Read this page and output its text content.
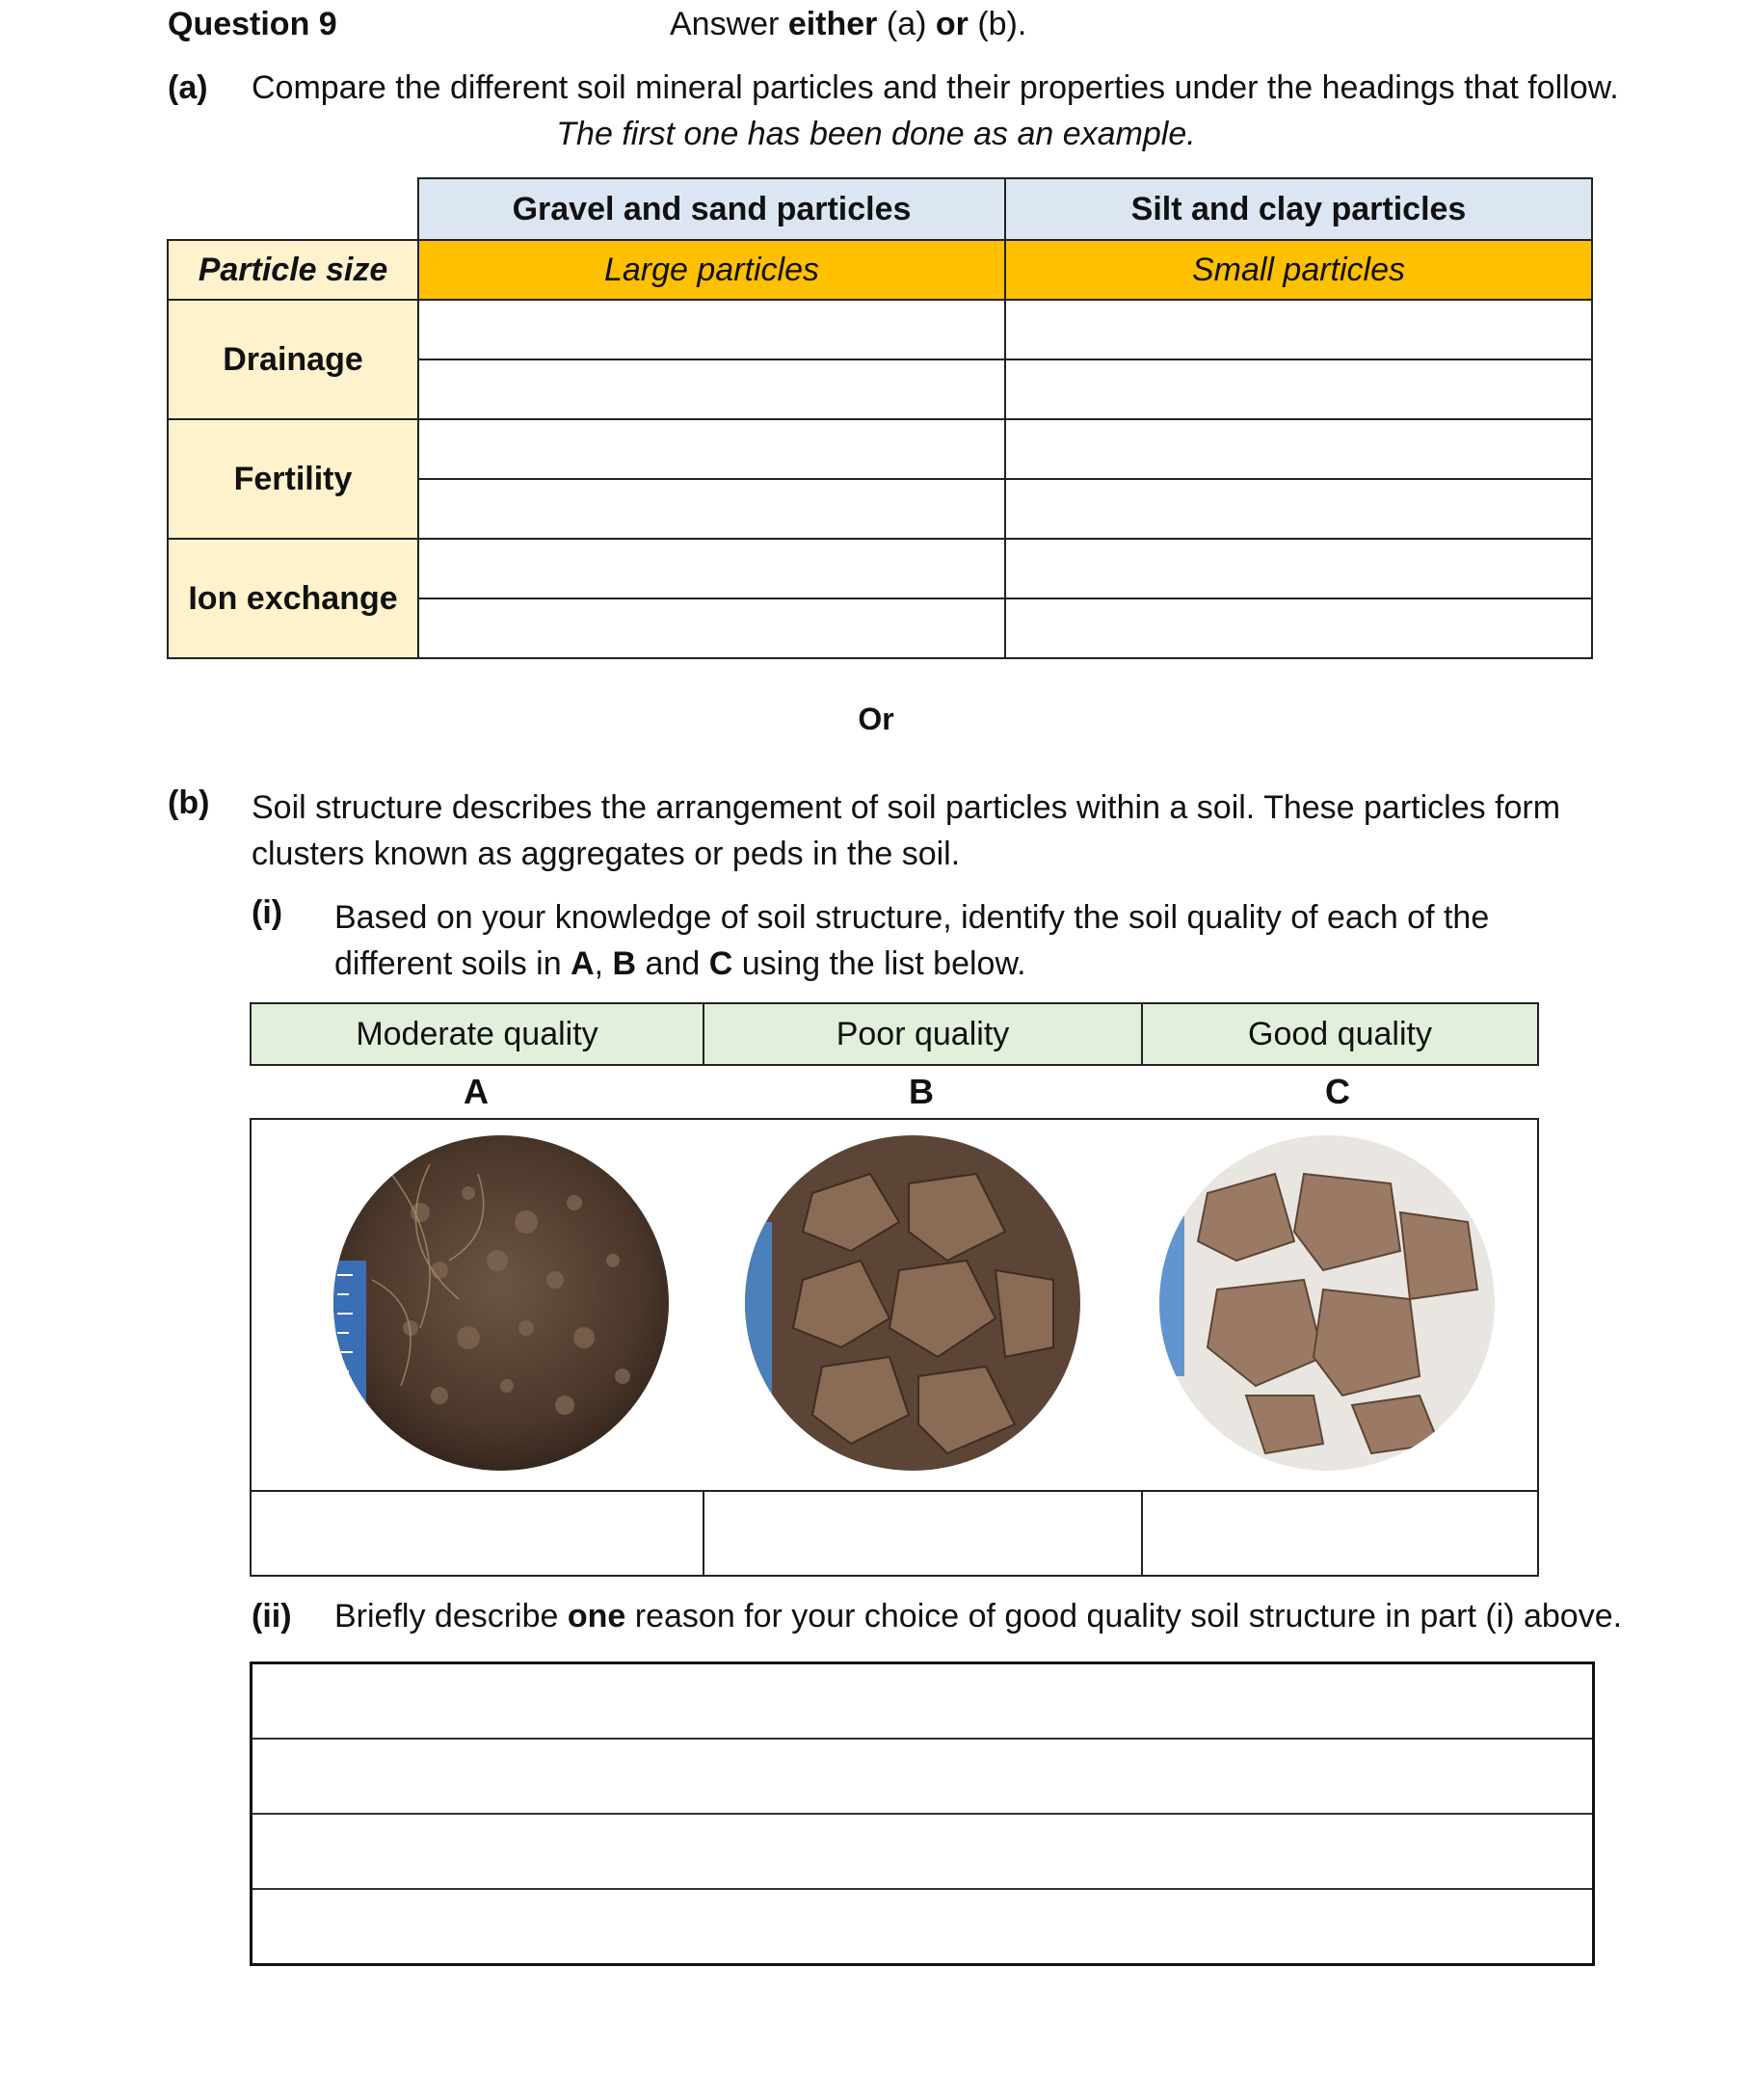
Question 9	Answer either (a) or (b).
(a) Compare the different soil mineral particles and their properties under the headings that follow.
The first one has been done as an example.
	Gravel and sand particles	Silt and clay particles
Particle size	Large particles	Small particles
Drainage		

Fertility		

Ion exchange		

Or
(b) Soil structure describes the arrangement of soil particles within a soil. These particles form clusters known as aggregates or peds in the soil.
(i) Based on your knowledge of soil structure, identify the soil quality of each of the different soils in A, B and C using the list below.
Moderate quality	Poor quality	Good quality
A	B	C

(ii) Briefly describe one reason for your choice of good quality soil structure in part (i) above.
